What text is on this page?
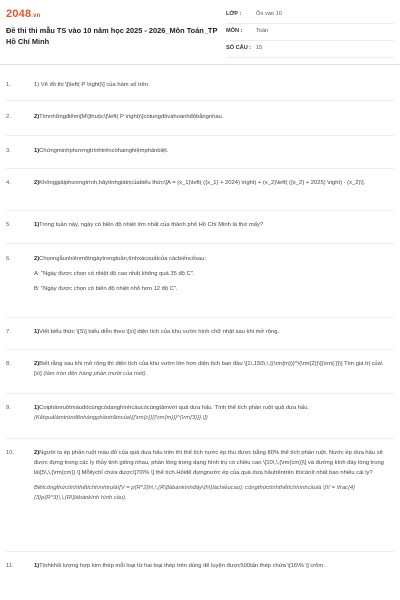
2048.vn
Đề thi thi mẫu TS vào 10 năm học 2025 - 2026_Môn Toán_TP Hồ Chí Minh
LỚP :	Ôn vào 10
MÔN : Toán
SỐ CÂU : 15
1.	1) Vẽ đồ thị \[\left( P \right)\] của hàm số trên.

2.	2)Tìmnhữngđiểm\[M\]thuộc\[\left( P \right)\]cótungđộvàhoànhđộbằngnhau.

3.	1)Chứngminhphươngtrìnhtrêncóhainghiệmphânbiệt.

4.	2)Khônggiảiphươngtrình,hãytínhgiátrịcủabiểu thức\[A = (x_1)\left( ({x_1} + 2024) \right) + (x_2)\left( ({x_2} + 2025) \right) - (x_2)\].

5.	1)Trong tuần này, ngày có biên độ nhiệt lớn nhất của thành phố Hồ Chí Minh là thứ mấy?

6.	2)Chọnngẫunhiênmộtngàytrongtuần,tínhxácsuấtcủa cácbiếncốsau:

A: "Ngày được chọn có nhiệt độ cao nhất không quá 35 độ C".

B: "Ngày được chọn có biên độ nhiệt nhỏ hơn 12 độ C".

7.	1)Viết biểu thức \[S\] biểu diễn theo \[x\] diện tích của khu vườn hình chữ nhật sau khi mở rộng.

8.	2)Biết rằng sau khi mở rộng thì diện tích của khu vườn lớn hơn diện tích ban đầu \[1\,150\,\,{(\rm{m})}^\{\rm{2}}\]{\rm{.}}\] Tìm giá trị của\[x\] (làm tròn đến hàng phần mười của mét).

9.	1)Coiphầnruộtmàuđócùngcódạnghìnhcầucócùngtâmvới quả dưa hấu. Tính thể tích phần ruột quả dưa hấu. (Kếtquảlàmtrònđếnhàngphầntrămcủa\[{\rm{c}}{(\rm{m})}^{\rm{3}}}.\])

10.	2)Người ta ép phần ruột màu đỏ của quả dưa hấu trên thì thể tích nước ép thu được bằng 80% thể tích phần ruột. Nước ép dưa hấu sẽ được đựng trong các ly thủy tinh giống nhau, phần lòng trong dạng hình trụ có chiều cao \[10\,\,{\rm{cm}}\] và đường kính đáy lòng trong là\[5\,\,{\rm{cm}}.\] Mỗilychỉ chứa được\[70\% \] thể tích.Hỏiđể đựngnước ép của quả dưa hấutrêntrên thìcầnít nhất bao nhiêu cái ly?

Biếtcôngthứctínhthểtíchhìnhtrụlà\[V = p{R^2}h\,\,(R\]làbánkínhđáy\(h\)làchiềucao); côngthứctínhthểtíchhìnhcầulà \[V = \frac{4}{3}p{R^3}\,\,(R\]làbánkính hình cầu).

11.	1)Tínhkhối lượng hợp kim thép mỗi loại từ hai loại thép trên dùng để luyện được500tấn thép chứa \[16\% \] crôm.
